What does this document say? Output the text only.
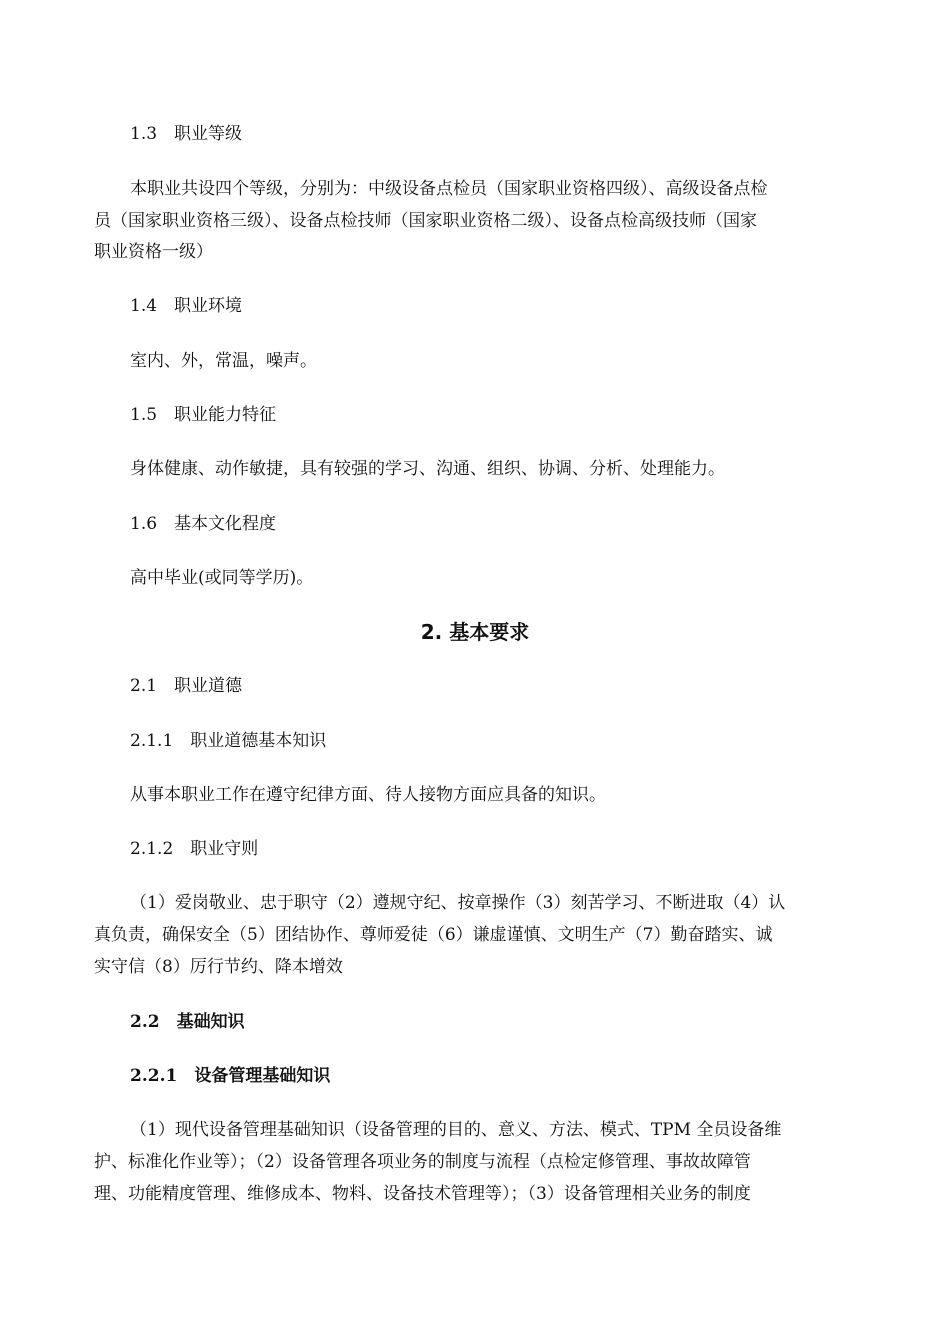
1.3　职业等级

本职业共设四个等级，分别为：中级设备点检员（国家职业资格四级）、高级设备点检

员（国家职业资格三级）、设备点检技师（国家职业资格二级）、设备点检高级技师（国家

职业资格一级）

1.4　职业环境

室内、外，常温，噪声。

1.5　职业能力特征

身体健康、动作敏捷，具有较强的学习、沟通、组织、协调、分析、处理能力。

1.6　基本文化程度

高中毕业(或同等学历)。

2. 基本要求

2.1　职业道德

2.1.1　职业道德基本知识

从事本职业工作在遵守纪律方面、待人接物方面应具备的知识。

2.1.2　职业守则

（1）爱岗敬业、忠于职守（2）遵规守纪、按章操作（3）刻苦学习、不断进取（4）认

真负责，确保安全（5）团结协作、尊师爱徒（6）谦虚谨慎、文明生产（7）勤奋踏实、诚

实守信（8）厉行节约、降本增效

2.2　基础知识

2.2.1　设备管理基础知识

（1）现代设备管理基础知识（设备管理的目的、意义、方法、模式、TPM 全员设备维

护、标准化作业等）；（2）设备管理各项业务的制度与流程（点检定修管理、事故故障管

理、功能精度管理、维修成本、物料、设备技术管理等）；（3）设备管理相关业务的制度
